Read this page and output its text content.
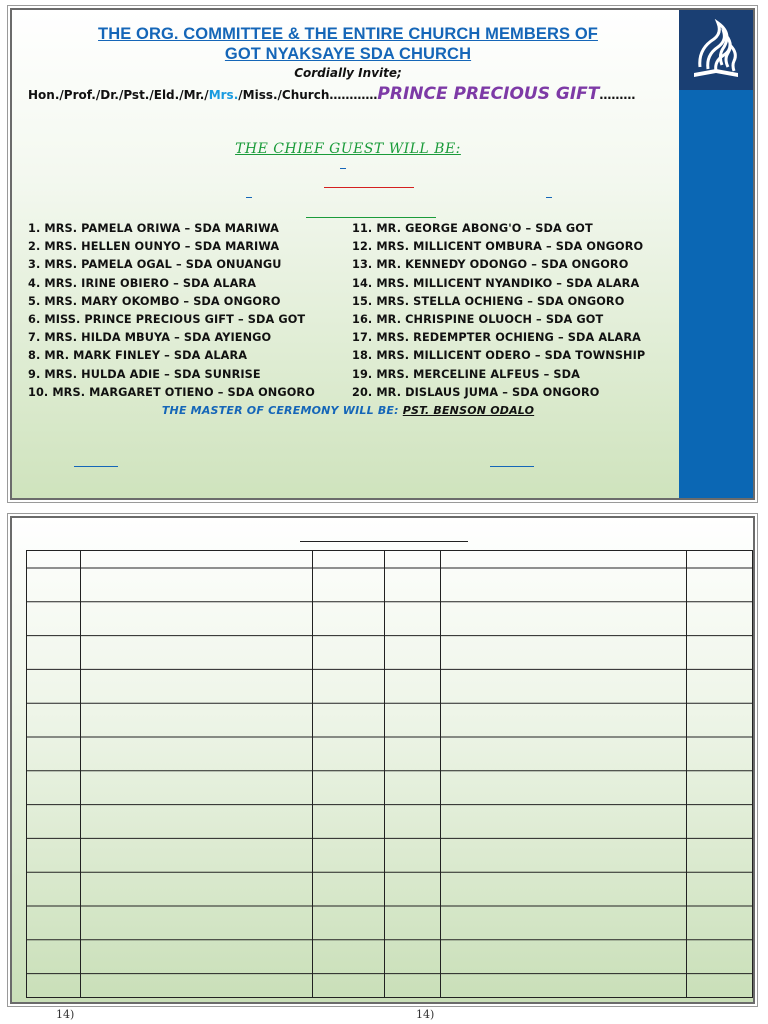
THE ORG. COMMITTEE & THE ENTIRE CHURCH MEMBERS OF
GOT NYAKSAYE SDA CHURCH
Cordially Invite;
Hon./Prof./Dr./Pst./Eld./Mr./Mrs./Miss./Church…………PRINCE PRECIOUS GIFT………
THE CHIEF GUEST WILL BE:
1. MRS. PAMELA ORIWA – SDA MARIWA
2. MRS. HELLEN OUNYO – SDA MARIWA
3. MRS. PAMELA OGAL – SDA ONUANGU
4. MRS. IRINE OBIERO – SDA ALARA
5. MRS. MARY OKOMBO – SDA ONGORO
6. MISS. PRINCE PRECIOUS GIFT – SDA GOT
7. MRS. HILDA MBUYA – SDA AYIENGO
8. MR. MARK FINLEY – SDA ALARA
9. MRS. HULDA ADIE – SDA SUNRISE
10. MRS. MARGARET OTIENO – SDA ONGORO
11. MR. GEORGE ABONG'O – SDA GOT
12. MRS. MILLICENT OMBURA – SDA ONGORO
13. MR. KENNEDY ODONGO – SDA ONGORO
14. MRS. MILLICENT NYANDIKO – SDA ALARA
15. MRS. STELLA OCHIENG – SDA ONGORO
16. MR. CHRISPINE OLUOCH – SDA GOT
17. MRS. REDEMPTER OCHIENG – SDA ALARA
18. MRS. MILLICENT ODERO – SDA TOWNSHIP
19. MRS. MERCELINE ALFEUS – SDA
20. MR. DISLAUS JUMA – SDA ONGORO
THE MASTER OF CEREMONY WILL BE: PST. BENSON ODALO
14)	14)
